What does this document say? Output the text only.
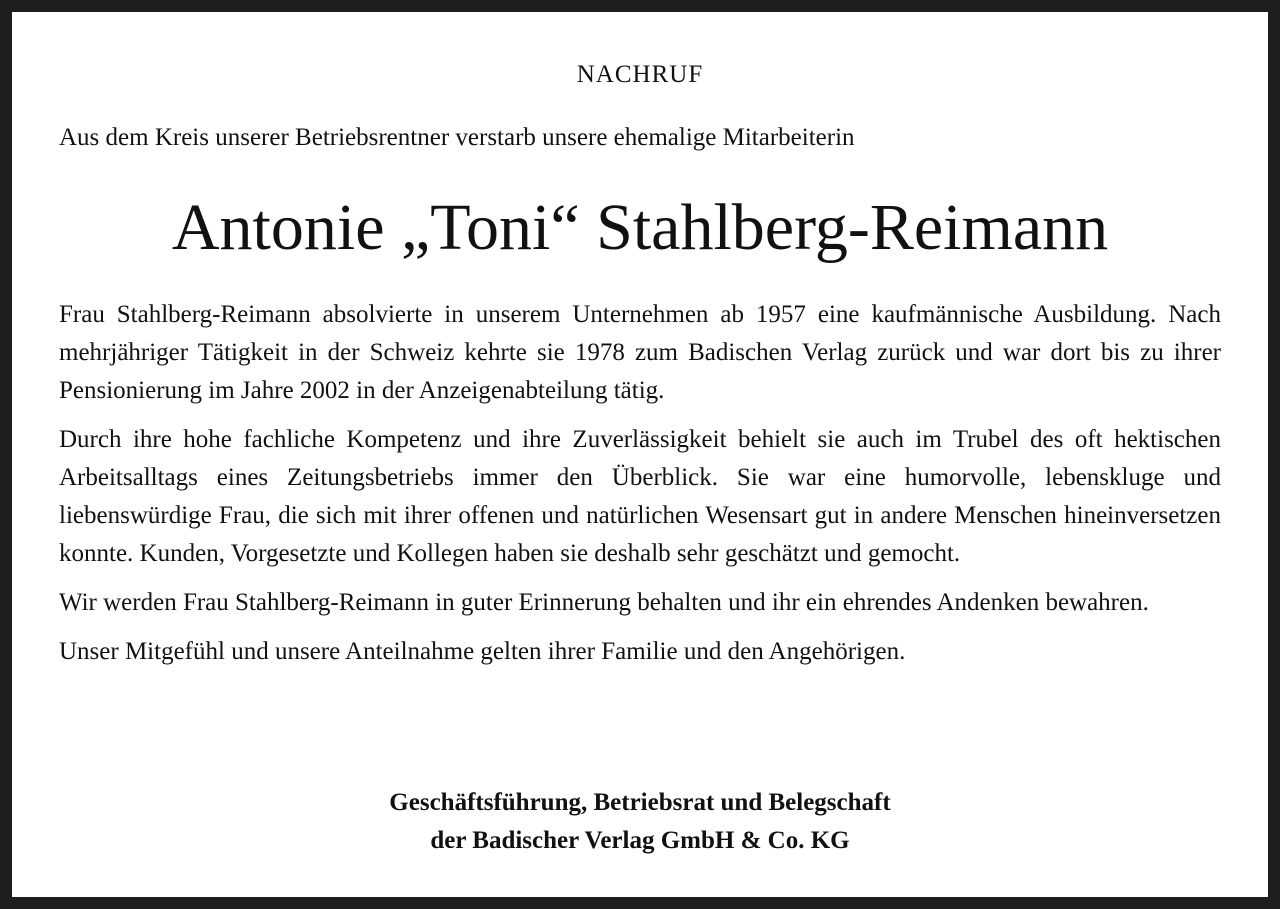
NACHRUF
Aus dem Kreis unserer Betriebsrentner verstarb unsere ehemalige Mitarbeiterin
Antonie „Toni“ Stahlberg-Reimann

Frau Stahlberg-Reimann absolvierte in unserem Unternehmen ab 1957 eine kaufmännische Ausbildung. Nach mehrjähriger Tätigkeit in der Schweiz kehrte sie 1978 zum Badischen Verlag zurück und war dort bis zu ihrer Pensionierung im Jahre 2002 in der Anzeigenabteilung tätig.

Durch ihre hohe fachliche Kompetenz und ihre Zuverlässigkeit behielt sie auch im Trubel des oft hektischen Arbeitsalltags eines Zeitungsbetriebs immer den Überblick. Sie war eine humorvolle, lebenskluge und liebenswürdige Frau, die sich mit ihrer offenen und natürlichen Wesensart gut in andere Menschen hineinversetzen konnte. Kunden, Vorgesetzte und Kollegen haben sie deshalb sehr geschätzt und gemocht.

Wir werden Frau Stahlberg-Reimann in guter Erinnerung behalten und ihr ein ehrendes Andenken bewahren.

Unser Mitgefühl und unsere Anteilnahme gelten ihrer Familie und den Angehörigen.

Geschäftsführung, Betriebsrat und Belegschaft
der Badischer Verlag GmbH & Co. KG
